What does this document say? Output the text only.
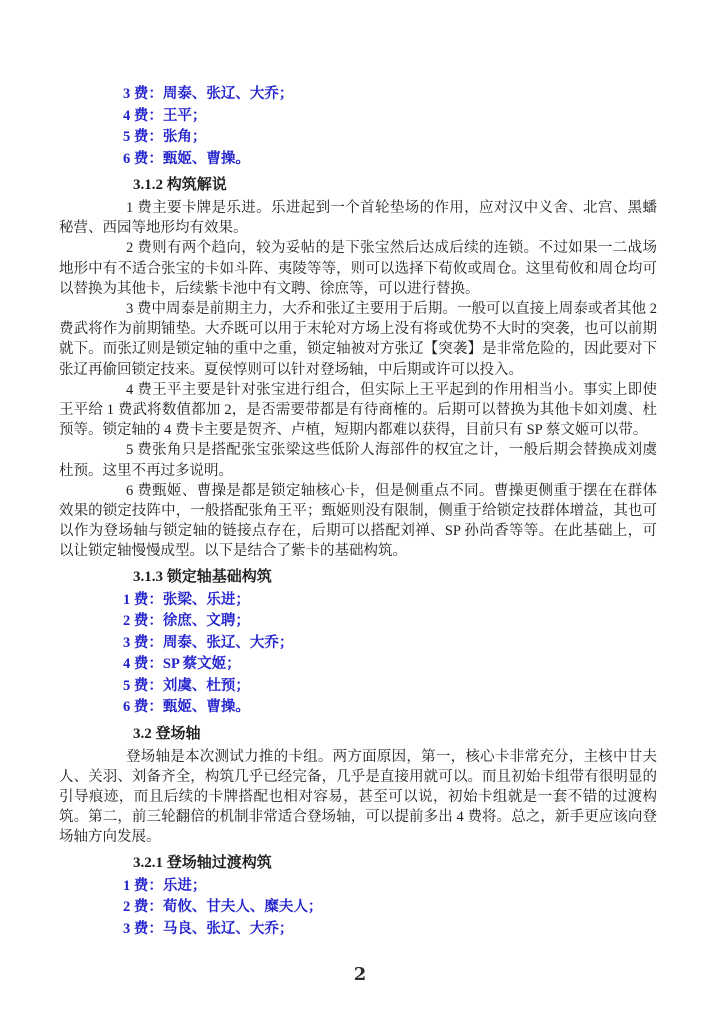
3 费：周泰、张辽、大乔；
4 费：王平；
5 费：张角；
6 费：甄姬、曹操。
3.1.2 构筑解说

1 费主要卡牌是乐进。乐进起到一个首轮垫场的作用，应对汉中义舍、北宫、黑蟠秘营、西园等地形均有效果。

2 费则有两个趋向，较为妥帖的是下张宝然后达成后续的连锁。不过如果一二战场地形中有不适合张宝的卡如斗阵、夷陵等等，则可以选择下荀攸或周仓。这里荀攸和周仓均可以替换为其他卡，后续紫卡池中有文聘、徐庶等，可以进行替换。

3 费中周泰是前期主力，大乔和张辽主要用于后期。一般可以直接上周泰或者其他 2 费武将作为前期铺垫。大乔既可以用于末轮对方场上没有将或优势不大时的突袭，也可以前期就下。而张辽则是锁定轴的重中之重，锁定轴被对方张辽【突袭】是非常危险的，因此要对下张辽再偷回锁定技来。夏侯惇则可以针对登场轴，中后期或许可以投入。

4 费王平主要是针对张宝进行组合，但实际上王平起到的作用相当小。事实上即使王平给 1 费武将数值都加 2，是否需要带都是有待商榷的。后期可以替换为其他卡如刘虞、杜预等。锁定轴的 4 费卡主要是贺齐、卢植，短期内都难以获得，目前只有 SP 蔡文姬可以带。

5 费张角只是搭配张宝张梁这些低阶人海部件的权宜之计，一般后期会替换成刘虞杜预。这里不再过多说明。

6 费甄姬、曹操是都是锁定轴核心卡，但是侧重点不同。曹操更侧重于摆在在群体效果的锁定技阵中，一般搭配张角王平；甄姬则没有限制，侧重于给锁定技群体增益，其也可以作为登场轴与锁定轴的链接点存在，后期可以搭配刘禅、SP 孙尚香等等。在此基础上，可以让锁定轴慢慢成型。以下是结合了紫卡的基础构筑。

3.1.3 锁定轴基础构筑
1 费：张梁、乐进；
2 费：徐庶、文聘；
3 费：周泰、张辽、大乔；
4 费：SP 蔡文姬；
5 费：刘虞、杜预；
6 费：甄姬、曹操。
3.2 登场轴

登场轴是本次测试力推的卡组。两方面原因，第一，核心卡非常充分，主核中甘夫人、关羽、刘备齐全，构筑几乎已经完备，几乎是直接用就可以。而且初始卡组带有很明显的引导痕迹，而且后续的卡牌搭配也相对容易，甚至可以说，初始卡组就是一套不错的过渡构筑。第二，前三轮翻倍的机制非常适合登场轴，可以提前多出 4 费将。总之，新手更应该向登场轴方向发展。

3.2.1 登场轴过渡构筑
1 费：乐进；
2 费：荀攸、甘夫人、糜夫人；
3 费：马良、张辽、大乔；
2
